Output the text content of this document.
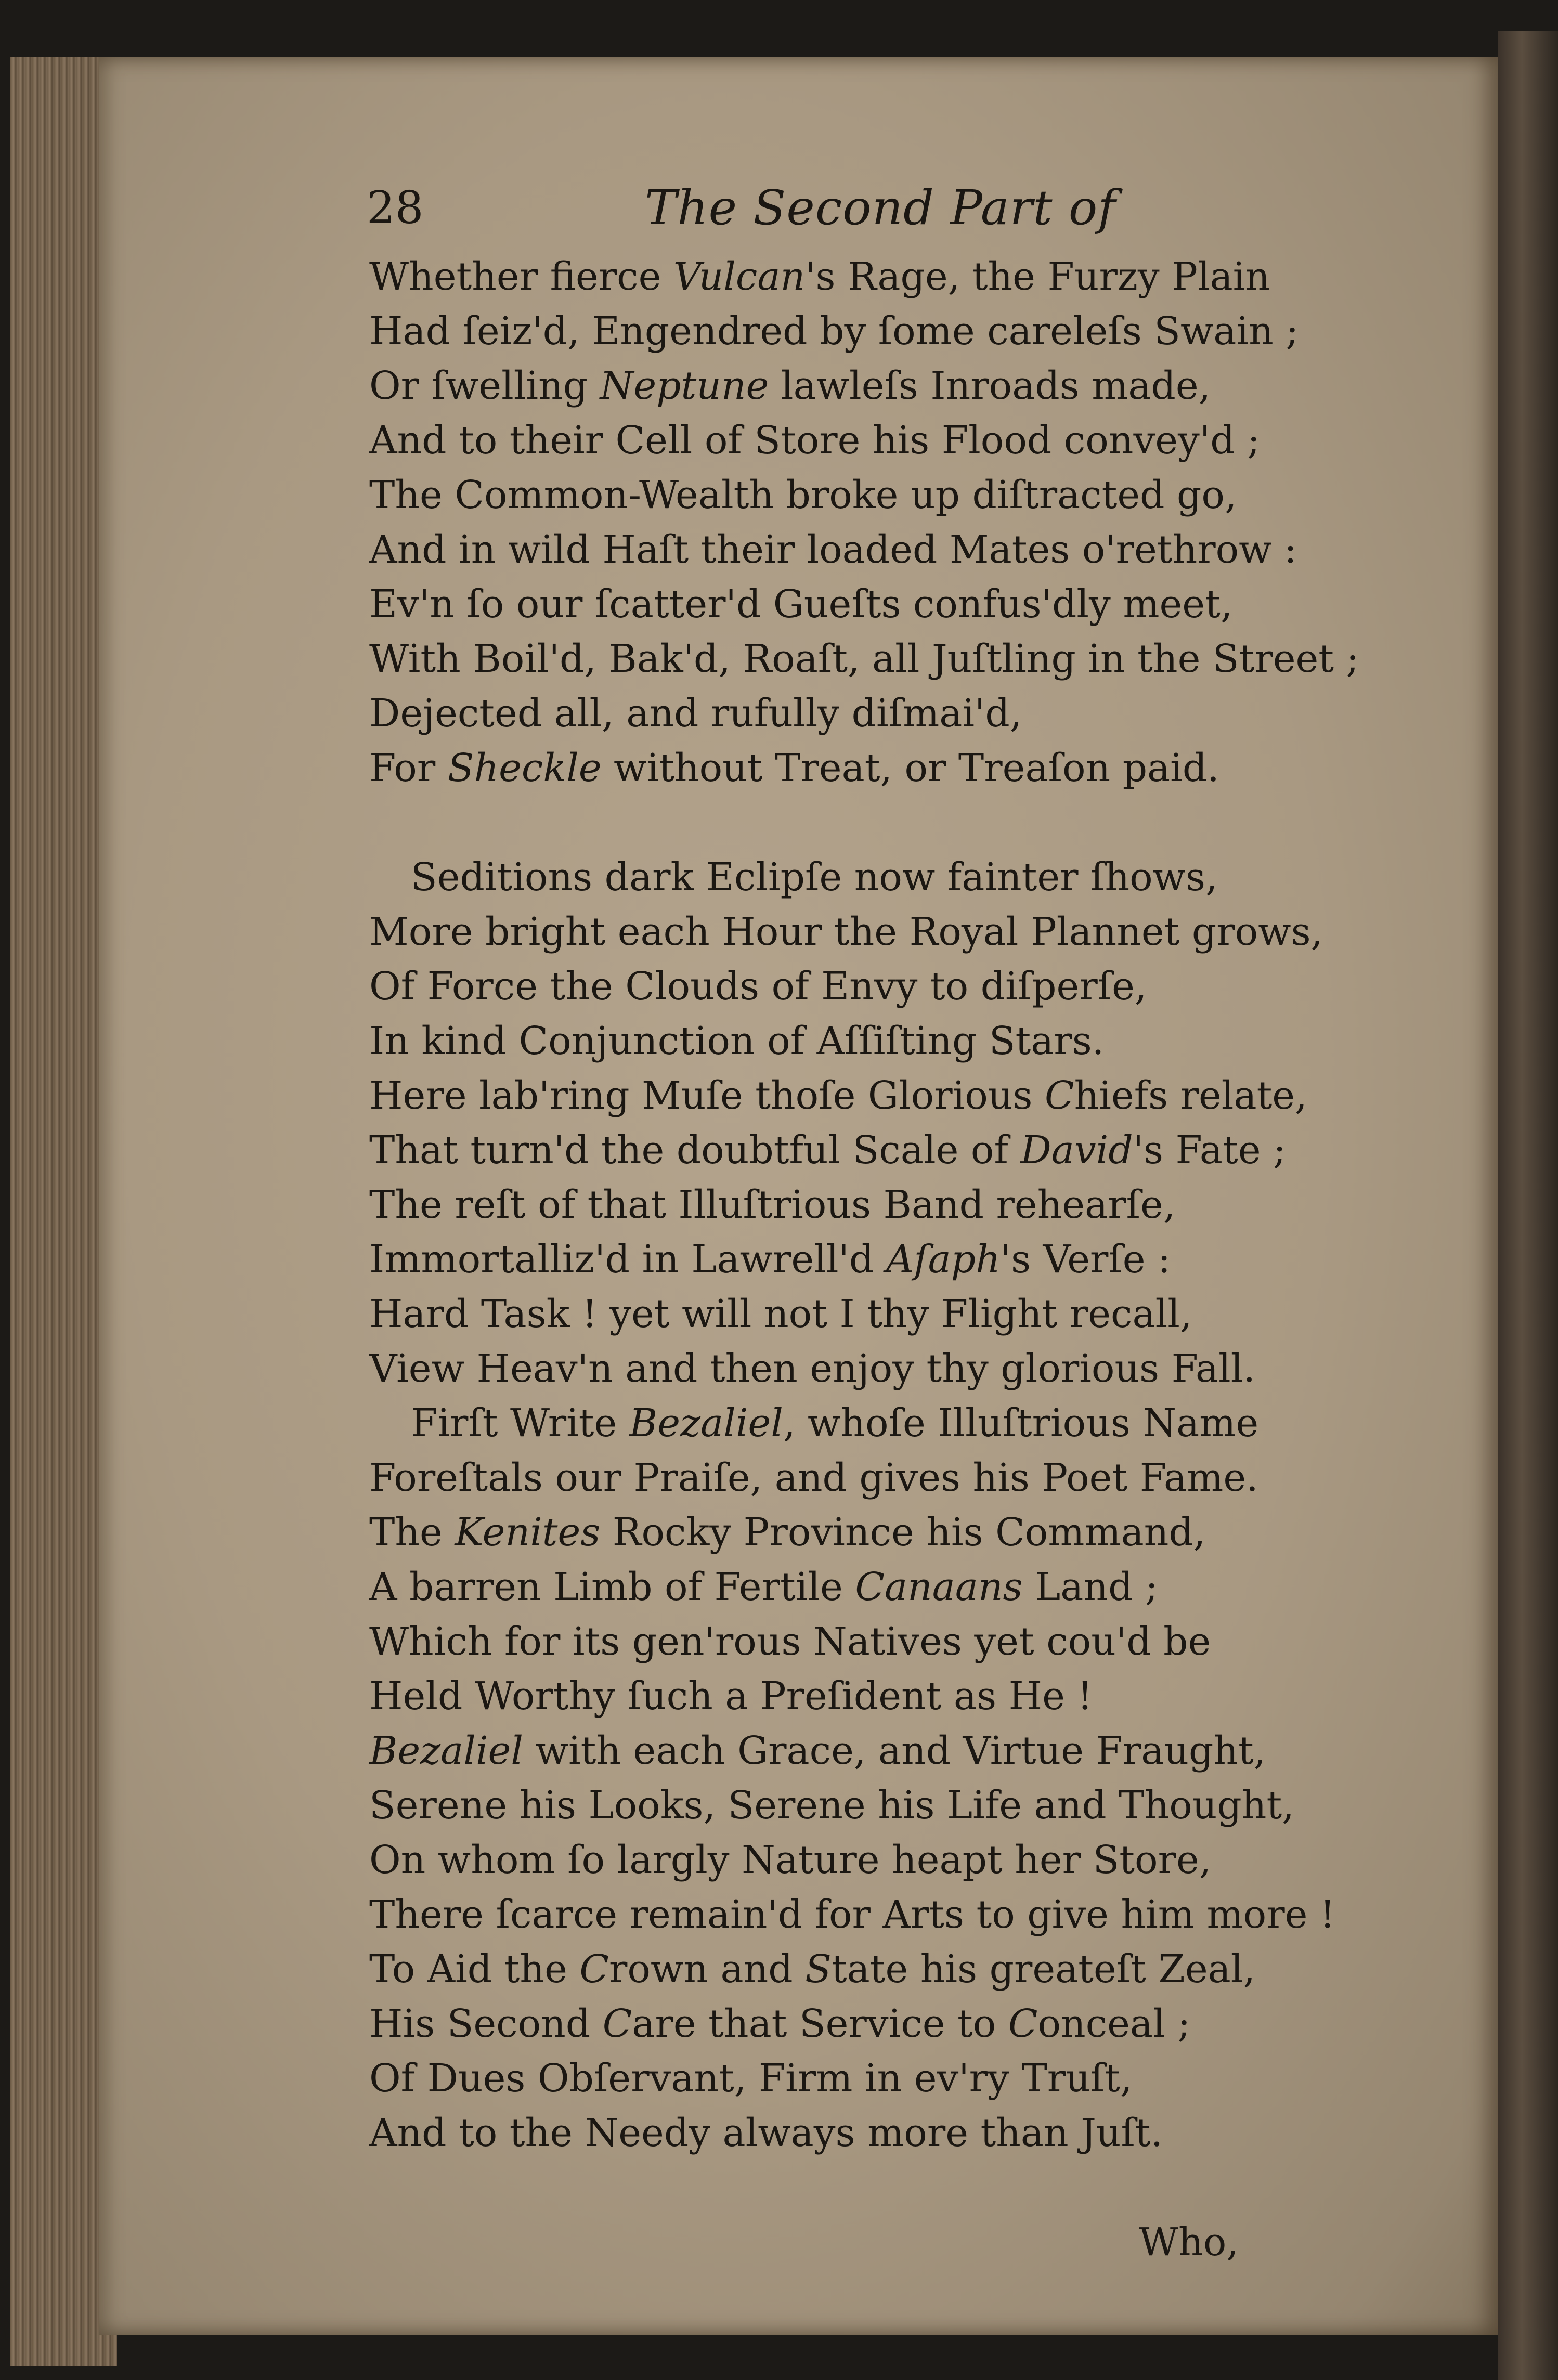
28	The Second Part of
Whether fierce Vulcan's Rage, the Furzy Plain
Had ſeiz'd, Engendred by ſome careleſs Swain ;
Or ſwelling Neptune lawleſs Inroads made,
And to their Cell of Store his Flood convey'd ;
The Common-Wealth broke up diſtracted go,
And in wild Haſt their loaded Mates o'rethrow :
Ev'n ſo our ſcatter'd Gueſts confus'dly meet,
With Boil'd, Bak'd, Roaſt, all Juſtling in the Street ;
Dejected all, and rufully diſmai'd,
For Sheckle without Treat, or Treaſon paid.
Seditions dark Eclipſe now fainter ſhows,
More bright each Hour the Royal Plannet grows,
Of Force the Clouds of Envy to diſperſe,
In kind Conjunction of Aſſiſting Stars.
Here lab'ring Muſe thoſe Glorious Chiefs relate,
That turn'd the doubtful Scale of David's Fate ;
The reſt of that Illuſtrious Band rehearſe,
Immortalliz'd in Lawrell'd Aſaph's Verſe :
Hard Task ! yet will not I thy Flight recall,
View Heav'n and then enjoy thy glorious Fall.
Firſt Write Bezaliel, whoſe Illuſtrious Name
Foreſtals our Praiſe, and gives his Poet Fame.
The Kenites Rocky Province his Command,
A barren Limb of Fertile Canaans Land ;
Which for its gen'rous Natives yet cou'd be
Held Worthy ſuch a Preſident as He !
Bezaliel with each Grace, and Virtue Fraught,
Serene his Looks, Serene his Life and Thought,
On whom ſo largly Nature heapt her Store,
There ſcarce remain'd for Arts to give him more !
To Aid the Crown and State his greateſt Zeal,
His Second Care that Service to Conceal ;
Of Dues Obſervant, Firm in ev'ry Truſt,
And to the Needy always more than Juſt.
Who,
